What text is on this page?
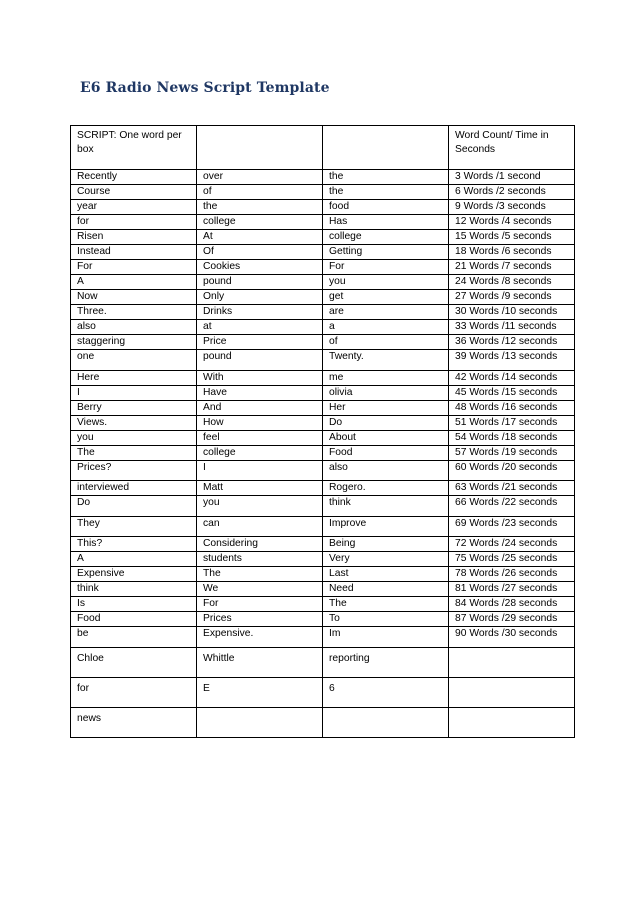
E6 Radio News Script Template
SCRIPT: One word per box			Word Count/ Time in Seconds
Recently	over	the	3 Words /1 second
Course	of	the	6 Words /2 seconds
year	the	food	9 Words /3 seconds
for	college	Has	12 Words /4 seconds
Risen	At	college	15 Words /5 seconds
Instead	Of	Getting	18 Words /6 seconds
For	Cookies	For	21 Words /7 seconds
A	pound	you	24 Words /8 seconds
Now	Only	get	27 Words /9 seconds
Three.	Drinks	are	30 Words /10 seconds
also	at	a	33 Words /11 seconds
staggering	Price	of	36 Words /12 seconds
one	pound	Twenty.	39 Words /13 seconds

Here	With	me	42 Words /14 seconds
I	Have	olivia	45 Words /15 seconds
Berry	And	Her	48 Words /16 seconds
Views.	How	Do	51 Words /17 seconds
you	feel	About	54 Words /18 seconds
The	college	Food	57 Words /19 seconds
Prices?	I	also	60 Words /20 seconds

interviewed	Matt	Rogero.	63 Words /21 seconds
Do	you	think	66 Words /22 seconds

They	can	Improve	69 Words /23 seconds

This?	Considering	Being	72 Words /24 seconds
A	students	Very	75 Words /25 seconds
Expensive	The	Last	78 Words /26 seconds
think	We	Need	81 Words /27 seconds
Is	For	The	84 Words /28 seconds
Food	Prices	To	87 Words /29 seconds
be	Expensive.	Im	90 Words /30 seconds

Chloe	Whittle	reporting	
for	E	6	
news			
